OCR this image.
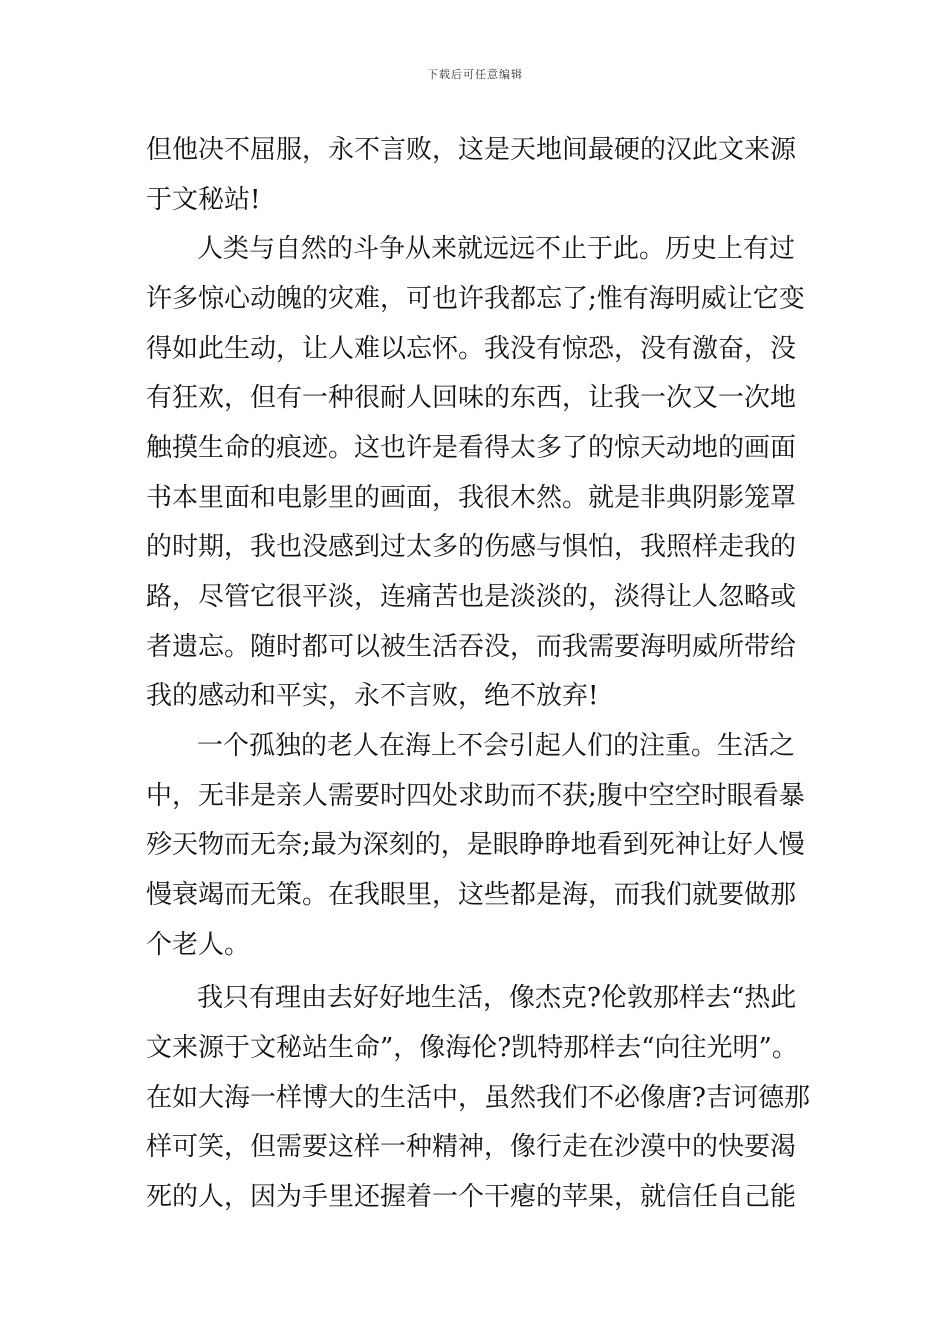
下载后可任意编辑
但他决不屈服，永不言败，这是天地间最硬的汉此文来源
于文秘站!
人类与自然的斗争从来就远远不止于此。历史上有过
许多惊心动魄的灾难，可也许我都忘了;惟有海明威让它变
得如此生动，让人难以忘怀。我没有惊恐，没有激奋，没
有狂欢，但有一种很耐人回味的东西，让我一次又一次地
触摸生命的痕迹。这也许是看得太多了的惊天动地的画面
书本里面和电影里的画面，我很木然。就是非典阴影笼罩
的时期，我也没感到过太多的伤感与惧怕，我照样走我的
路，尽管它很平淡，连痛苦也是淡淡的，淡得让人忽略或
者遗忘。随时都可以被生活吞没，而我需要海明威所带给
我的感动和平实，永不言败，绝不放弃!
一个孤独的老人在海上不会引起人们的注重。生活之
中，无非是亲人需要时四处求助而不获;腹中空空时眼看暴
殄天物而无奈;最为深刻的，是眼睁睁地看到死神让好人慢
慢衰竭而无策。在我眼里，这些都是海，而我们就要做那
个老人。
我只有理由去好好地生活，像杰克?伦敦那样去“热此
文来源于文秘站生命”，像海伦?凯特那样去“向往光明”。
在如大海一样博大的生活中，虽然我们不必像唐?吉诃德那
样可笑，但需要这样一种精神，像行走在沙漠中的快要渴
死的人，因为手里还握着一个干瘪的苹果，就信任自己能
